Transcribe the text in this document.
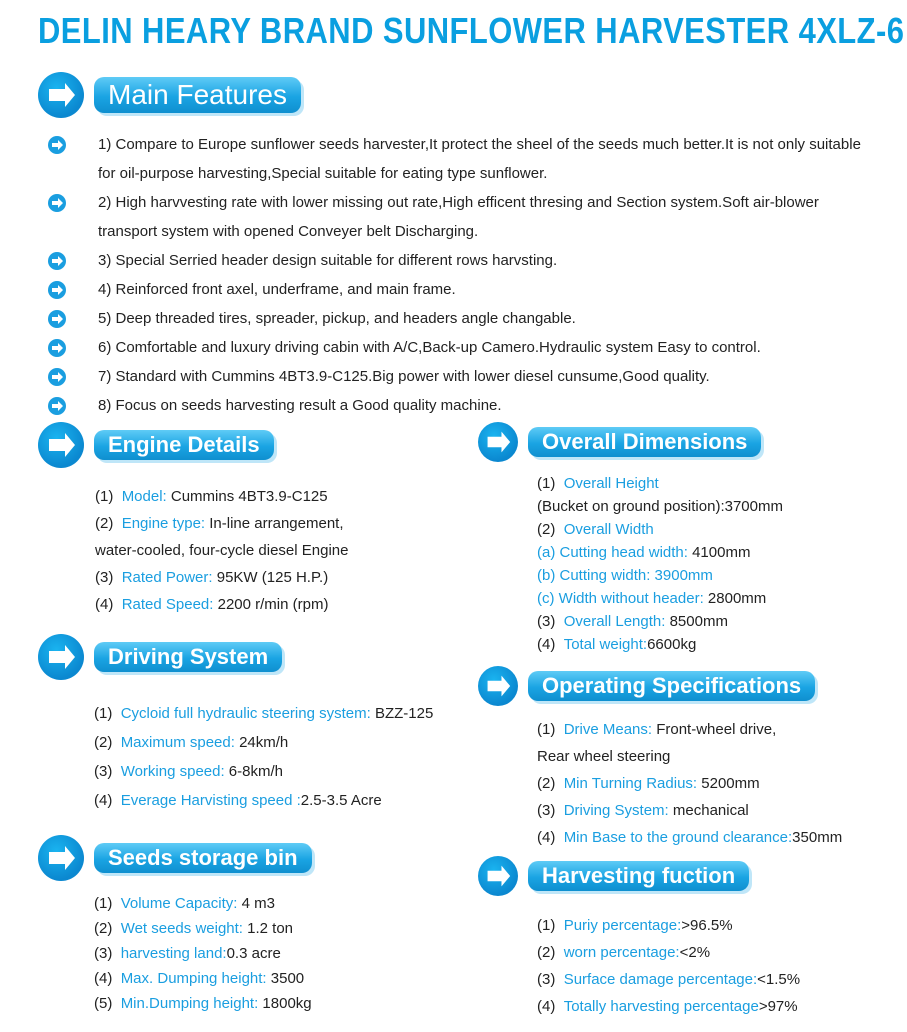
DELIN HEARY BRAND SUNFLOWER HARVESTER 4XLZ-6
Main Features
1) Compare to Europe sunflower seeds harvester,It protect the sheel of the seeds much better.It is not only suitable for oil-purpose harvesting,Special suitable for eating type sunflower.
2) High harvvesting rate with lower missing out rate,High efficent thresing and Section system.Soft air-blower transport system with opened Conveyer belt Discharging.
3) Special Serried header design suitable for different rows harvsting.
4) Reinforced front axel, underframe, and main frame.
5) Deep threaded tires, spreader, pickup, and headers angle changable.
6) Comfortable and luxury driving cabin with A/C,Back-up Camero.Hydraulic system Easy to control.
7) Standard with Cummins 4BT3.9-C125.Big power with lower diesel cunsume,Good quality.
8) Focus on seeds harvesting result a Good quality machine.
Engine Details
(1) Model: Cummins 4BT3.9-C125
(2) Engine type: In-line arrangement,
water-cooled, four-cycle diesel Engine
(3) Rated Power: 95KW (125 H.P.)
(4) Rated Speed: 2200 r/min (rpm)
Driving System
(1) Cycloid full hydraulic steering system: BZZ-125
(2) Maximum speed: 24km/h
(3) Working speed: 6-8km/h
(4) Everage Harvisting speed :2.5-3.5 Acre
Seeds storage bin
(1) Volume Capacity: 4 m3
(2) Wet seeds weight: 1.2 ton
(3) harvesting land:0.3 acre
(4) Max. Dumping height: 3500
(5) Min.Dumping height: 1800kg
Overall Dimensions
(1) Overall Height
(Bucket on ground position):3700mm
(2) Overall Width
(a) Cutting head width: 4100mm
(b) Cutting width: 3900mm
(c) Width without header: 2800mm
(3) Overall Length: 8500mm
(4) Total weight:6600kg
Operating Specifications
(1) Drive Means: Front-wheel drive,
Rear wheel steering
(2) Min Turning Radius: 5200mm
(3) Driving System: mechanical
(4) Min Base to the ground clearance:350mm
Harvesting fuction
(1) Puriy percentage:>96.5%
(2) worn percentage:<2%
(3) Surface damage percentage:<1.5%
(4) Totally harvesting percentage>97%
